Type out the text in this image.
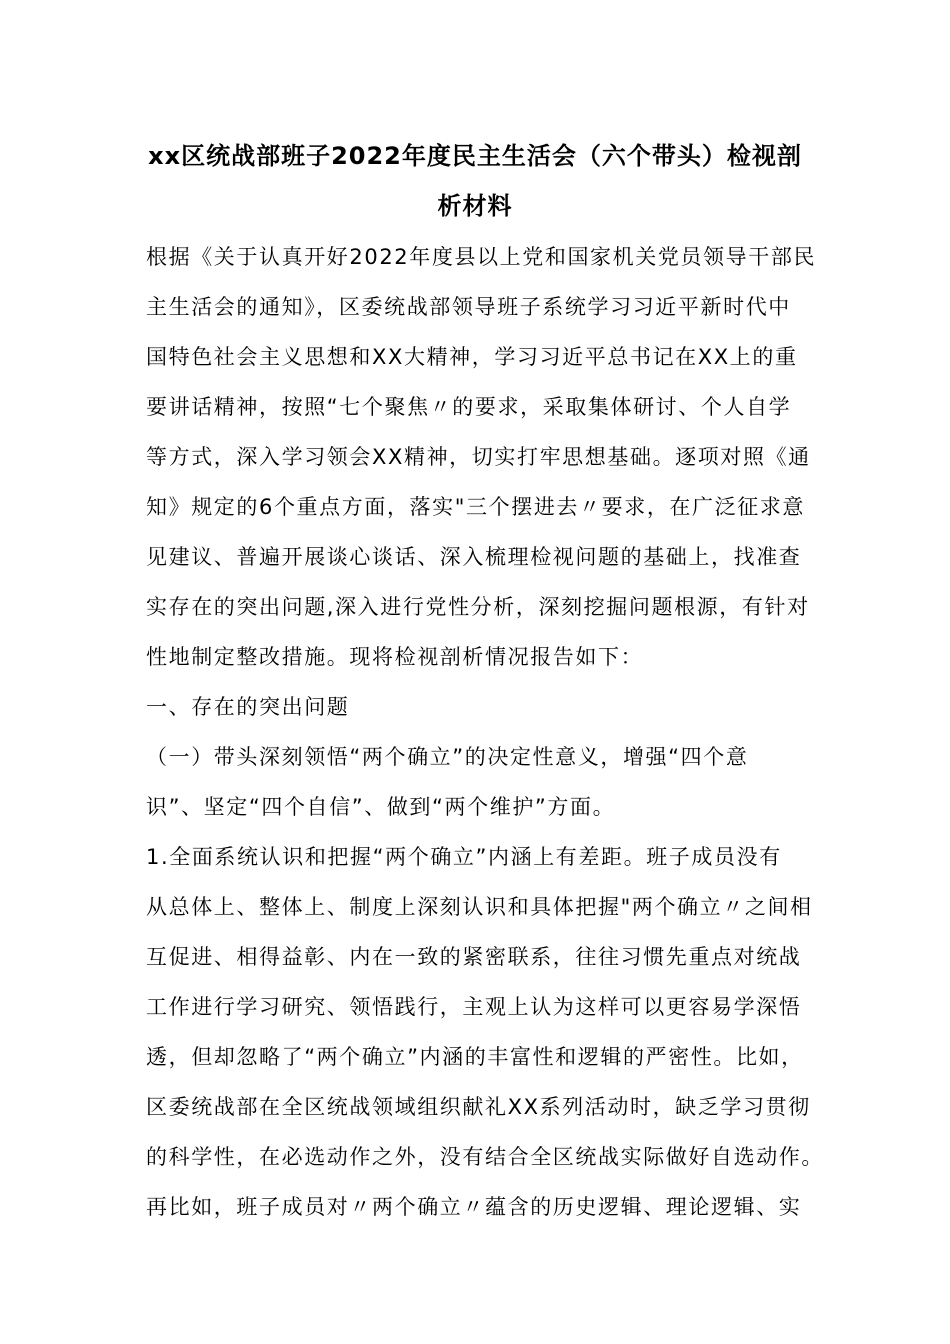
xx区统战部班子2022年度民主生活会（六个带头）检视剖
析材料
根据《关于认真开好2022年度县以上党和国家机关党员领导干部民
主生活会的通知》，区委统战部领导班子系统学习习近平新时代中
国特色社会主义思想和XX大精神，学习习近平总书记在XX上的重
要讲话精神，按照“七个聚焦〃的要求，采取集体研讨、个人自学
等方式，深入学习领会XX精神，切实打牢思想基础。逐项对照《通
知》规定的6个重点方面，落实"三个摆进去〃要求，在广泛征求意
见建议、普遍开展谈心谈话、深入梳理检视问题的基础上，找准查
实存在的突出问题,深入进行党性分析，深刻挖掘问题根源，有针对
性地制定整改措施。现将检视剖析情况报告如下：
一、存在的突出问题
（一）带头深刻领悟“两个确立”的决定性意义，增强“四个意
识”、坚定“四个自信”、做到“两个维护”方面。
1.全面系统认识和把握“两个确立”内涵上有差距。班子成员没有
从总体上、整体上、制度上深刻认识和具体把握"两个确立〃之间相
互促进、相得益彰、内在一致的紧密联系，往往习惯先重点对统战
工作进行学习研究、领悟践行，主观上认为这样可以更容易学深悟
透，但却忽略了“两个确立”内涵的丰富性和逻辑的严密性。比如，
区委统战部在全区统战领域组织献礼XX系列活动时，缺乏学习贯彻
的科学性，在必选动作之外，没有结合全区统战实际做好自选动作。
再比如，班子成员对〃两个确立〃蕴含的历史逻辑、理论逻辑、实
